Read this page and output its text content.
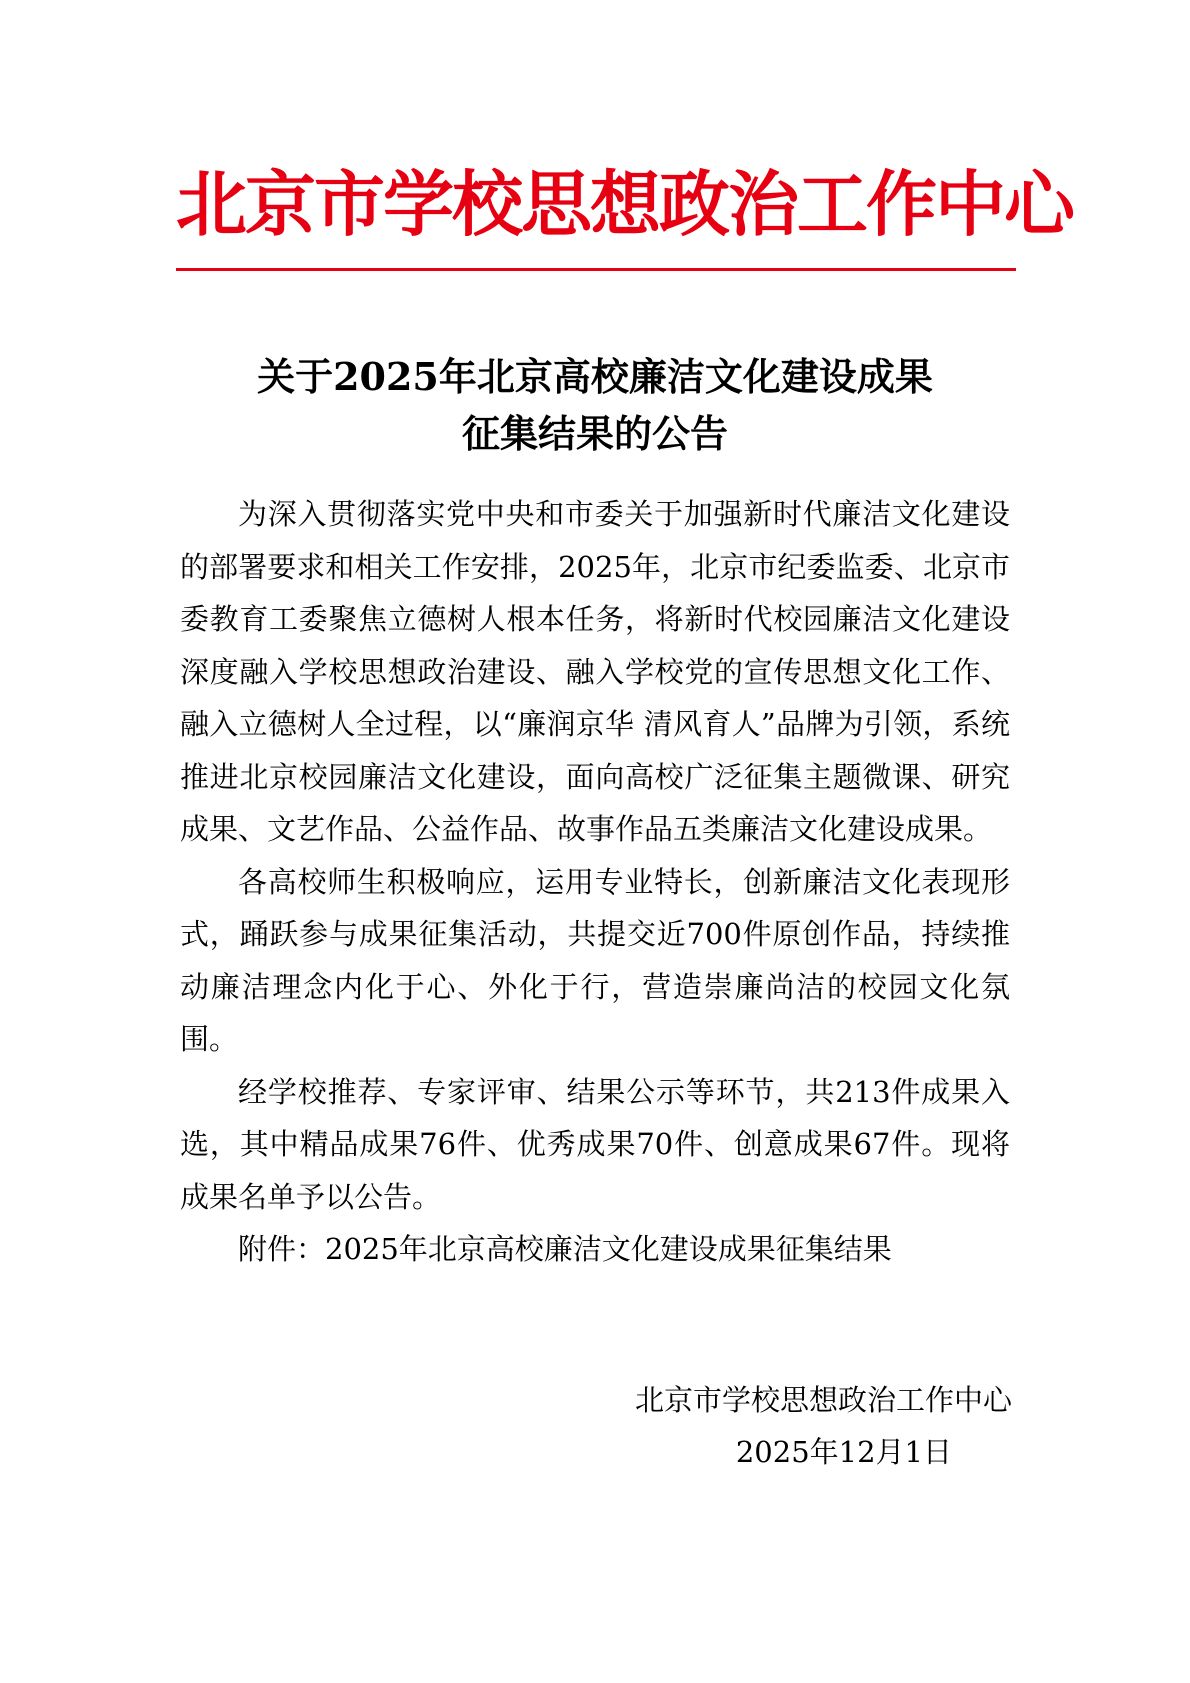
北京市学校思想政治工作中心
关于2025年北京高校廉洁文化建设成果
征集结果的公告

为深入贯彻落实党中央和市委关于加强新时代廉洁文化建设的部署要求和相关工作安排，2025年，北京市纪委监委、北京市委教育工委聚焦立德树人根本任务，将新时代校园廉洁文化建设深度融入学校思想政治建设、融入学校党的宣传思想文化工作、融入立德树人全过程，以“廉润京华 清风育人”品牌为引领，系统推进北京校园廉洁文化建设，面向高校广泛征集主题微课、研究成果、文艺作品、公益作品、故事作品五类廉洁文化建设成果。

各高校师生积极响应，运用专业特长，创新廉洁文化表现形式，踊跃参与成果征集活动，共提交近700件原创作品，持续推动廉洁理念内化于心、外化于行，营造崇廉尚洁的校园文化氛围。

经学校推荐、专家评审、结果公示等环节，共213件成果入选，其中精品成果76件、优秀成果70件、创意成果67件。现将成果名单予以公告。

附件：2025年北京高校廉洁文化建设成果征集结果

北京市学校思想政治工作中心
2025年12月1日
